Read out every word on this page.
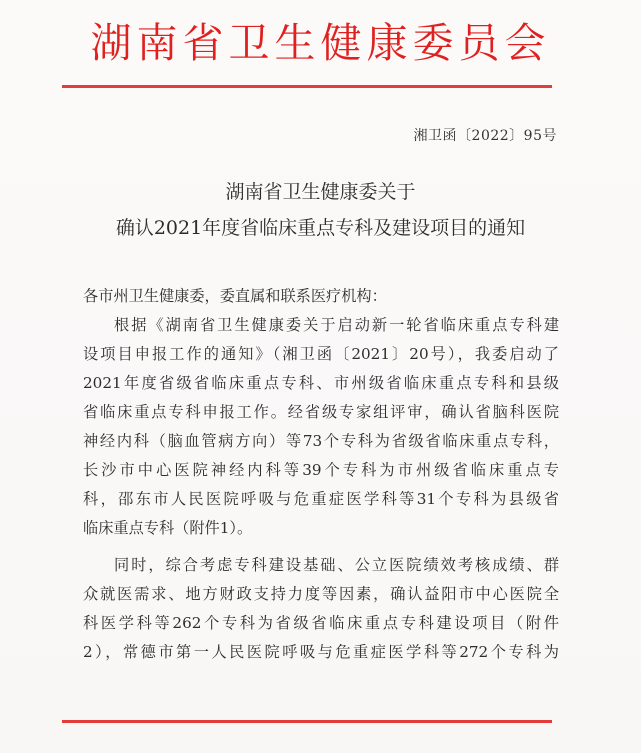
湖南省卫生健康委员会
湘卫函〔2022〕95号
湖南省卫生健康委关于
确认2021年度省临床重点专科及建设项目的通知
各市州卫生健康委，委直属和联系医疗机构：
根据《湖南省卫生健康委关于启动新一轮省临床重点专科建
设项目申报工作的通知》（湘卫函〔2021〕20号），我委启动了
2021年度省级省临床重点专科、市州级省临床重点专科和县级
省临床重点专科申报工作。经省级专家组评审，确认省脑科医院
神经内科（脑血管病方向）等73个专科为省级省临床重点专科，
长沙市中心医院神经内科等39个专科为市州级省临床重点专
科，邵东市人民医院呼吸与危重症医学科等31个专科为县级省
临床重点专科（附件1）。
同时，综合考虑专科建设基础、公立医院绩效考核成绩、群
众就医需求、地方财政支持力度等因素，确认益阳市中心医院全
科医学科等262个专科为省级省临床重点专科建设项目（附件
2），常德市第一人民医院呼吸与危重症医学科等272个专科为
